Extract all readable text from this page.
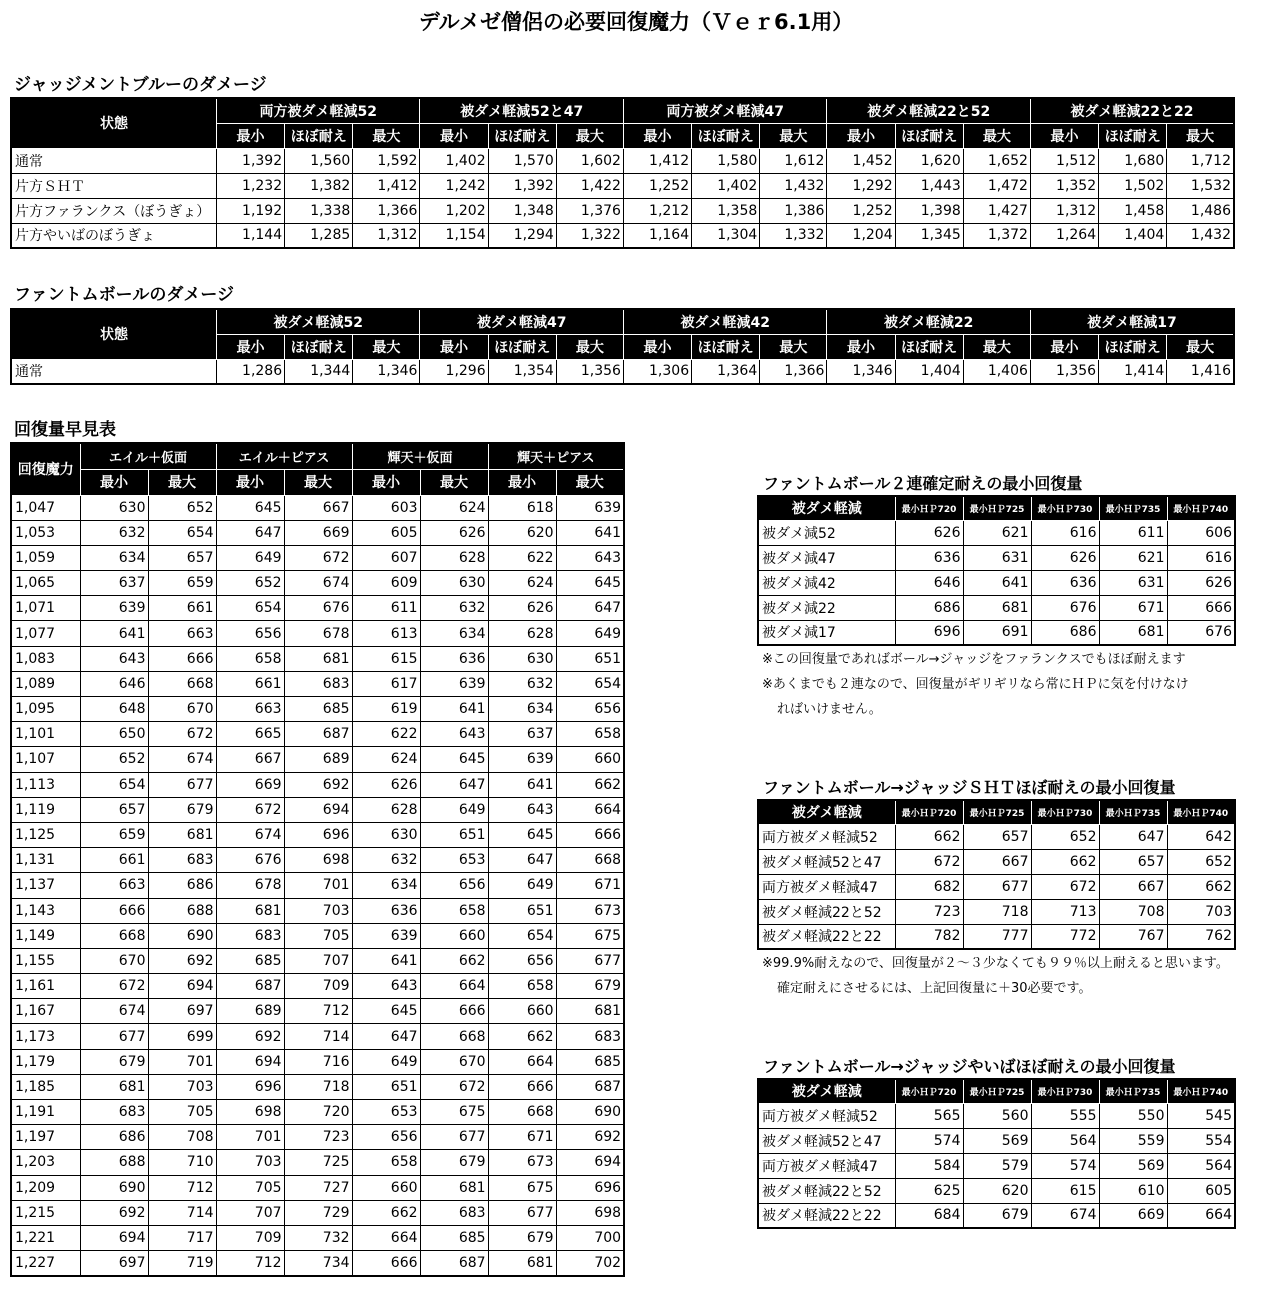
デルメゼ僧侶の必要回復魔力（Ｖｅｒ6.1用）
ジャッジメントブルーのダメージ
状態	両方被ダメ軽減52			被ダメ軽減52と47			両方被ダメ軽減47			被ダメ軽減22と52			被ダメ軽減22と22		
	最小	ほぼ耐え	最大	最小	ほぼ耐え	最大	最小	ほぼ耐え	最大	最小	ほぼ耐え	最大	最小	ほぼ耐え	最大
通常	1,392	1,560	1,592	1,402	1,570	1,602	1,412	1,580	1,612	1,452	1,620	1,652	1,512	1,680	1,712
片方ＳＨＴ	1,232	1,382	1,412	1,242	1,392	1,422	1,252	1,402	1,432	1,292	1,443	1,472	1,352	1,502	1,532
片方ファランクス（ぼうぎょ）	1,192	1,338	1,366	1,202	1,348	1,376	1,212	1,358	1,386	1,252	1,398	1,427	1,312	1,458	1,486
片方やいばのぼうぎょ	1,144	1,285	1,312	1,154	1,294	1,322	1,164	1,304	1,332	1,204	1,345	1,372	1,264	1,404	1,432
ファントムボールのダメージ
状態	被ダメ軽減52			被ダメ軽減47			被ダメ軽減42			被ダメ軽減22			被ダメ軽減17		
	最小	ほぼ耐え	最大	最小	ほぼ耐え	最大	最小	ほぼ耐え	最大	最小	ほぼ耐え	最大	最小	ほぼ耐え	最大
通常	1,286	1,344	1,346	1,296	1,354	1,356	1,306	1,364	1,366	1,346	1,404	1,406	1,356	1,414	1,416
回復量早見表
回復魔力	エイル＋仮面		エイル＋ピアス		輝天＋仮面		輝天＋ピアス	
	最小	最大	最小	最大	最小	最大	最小	最大
1,047	630	652	645	667	603	624	618	639
1,053	632	654	647	669	605	626	620	641
1,059	634	657	649	672	607	628	622	643
1,065	637	659	652	674	609	630	624	645
1,071	639	661	654	676	611	632	626	647
1,077	641	663	656	678	613	634	628	649
1,083	643	666	658	681	615	636	630	651
1,089	646	668	661	683	617	639	632	654
1,095	648	670	663	685	619	641	634	656
1,101	650	672	665	687	622	643	637	658
1,107	652	674	667	689	624	645	639	660
1,113	654	677	669	692	626	647	641	662
1,119	657	679	672	694	628	649	643	664
1,125	659	681	674	696	630	651	645	666
1,131	661	683	676	698	632	653	647	668
1,137	663	686	678	701	634	656	649	671
1,143	666	688	681	703	636	658	651	673
1,149	668	690	683	705	639	660	654	675
1,155	670	692	685	707	641	662	656	677
1,161	672	694	687	709	643	664	658	679
1,167	674	697	689	712	645	666	660	681
1,173	677	699	692	714	647	668	662	683
1,179	679	701	694	716	649	670	664	685
1,185	681	703	696	718	651	672	666	687
1,191	683	705	698	720	653	675	668	690
1,197	686	708	701	723	656	677	671	692
1,203	688	710	703	725	658	679	673	694
1,209	690	712	705	727	660	681	675	696
1,215	692	714	707	729	662	683	677	698
1,221	694	717	709	732	664	685	679	700
1,227	697	719	712	734	666	687	681	702
ファントムボール２連確定耐えの最小回復量
被ダメ軽減	最小ＨＰ720	最小ＨＰ725	最小ＨＰ730	最小ＨＰ735	最小ＨＰ740
被ダメ減52	626	621	616	611	606
被ダメ減47	636	631	626	621	616
被ダメ減42	646	641	636	631	626
被ダメ減22	686	681	676	671	666
被ダメ減17	696	691	686	681	676
※この回復量であればボール→ジャッジをファランクスでもほぼ耐えます
※あくまでも２連なので、回復量がギリギリなら常にＨＰに気を付けなけ
ればいけません。
ファントムボール→ジャッジＳＨＴほぼ耐えの最小回復量
被ダメ軽減	最小ＨＰ720	最小ＨＰ725	最小ＨＰ730	最小ＨＰ735	最小ＨＰ740
両方被ダメ軽減52	662	657	652	647	642
被ダメ軽減52と47	672	667	662	657	652
両方被ダメ軽減47	682	677	672	667	662
被ダメ軽減22と52	723	718	713	708	703
被ダメ軽減22と22	782	777	772	767	762
※99.9%耐えなので、回復量が２～３少なくても９９％以上耐えると思います。
確定耐えにさせるには、上記回復量に＋30必要です。
ファントムボール→ジャッジやいばほぼ耐えの最小回復量
被ダメ軽減	最小ＨＰ720	最小ＨＰ725	最小ＨＰ730	最小ＨＰ735	最小ＨＰ740
両方被ダメ軽減52	565	560	555	550	545
被ダメ軽減52と47	574	569	564	559	554
両方被ダメ軽減47	584	579	574	569	564
被ダメ軽減22と52	625	620	615	610	605
被ダメ軽減22と22	684	679	674	669	664
